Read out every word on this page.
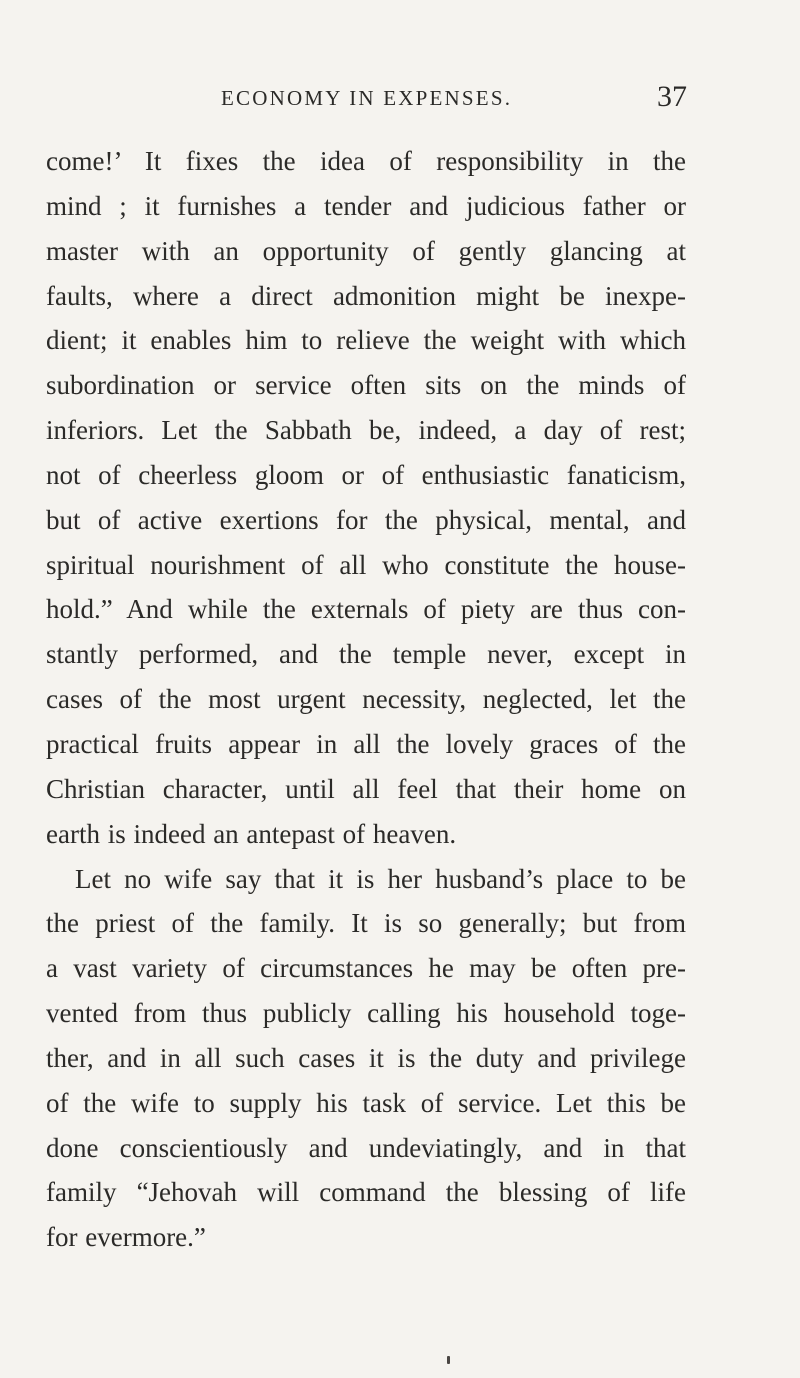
ECONOMY IN EXPENSES.	37
come!’ It fixes the idea of responsibility in the
mind ; it furnishes a tender and judicious father or
master with an opportunity of gently glancing at
faults, where a direct admonition might be inexpe-
dient; it enables him to relieve the weight with which
subordination or service often sits on the minds of
inferiors. Let the Sabbath be, indeed, a day of rest;
not of cheerless gloom or of enthusiastic fanaticism,
but of active exertions for the physical, mental, and
spiritual nourishment of all who constitute the house-
hold.” And while the externals of piety are thus con-
stantly performed, and the temple never, except in
cases of the most urgent necessity, neglected, let the
practical fruits appear in all the lovely graces of the
Christian character, until all feel that their home on
earth is indeed an antepast of heaven.
Let no wife say that it is her husband’s place to be
the priest of the family. It is so generally; but from
a vast variety of circumstances he may be often pre-
vented from thus publicly calling his household toge-
ther, and in all such cases it is the duty and privilege
of the wife to supply his task of service. Let this be
done conscientiously and undeviatingly, and in that
family “Jehovah will command the blessing of life
for evermore.”
